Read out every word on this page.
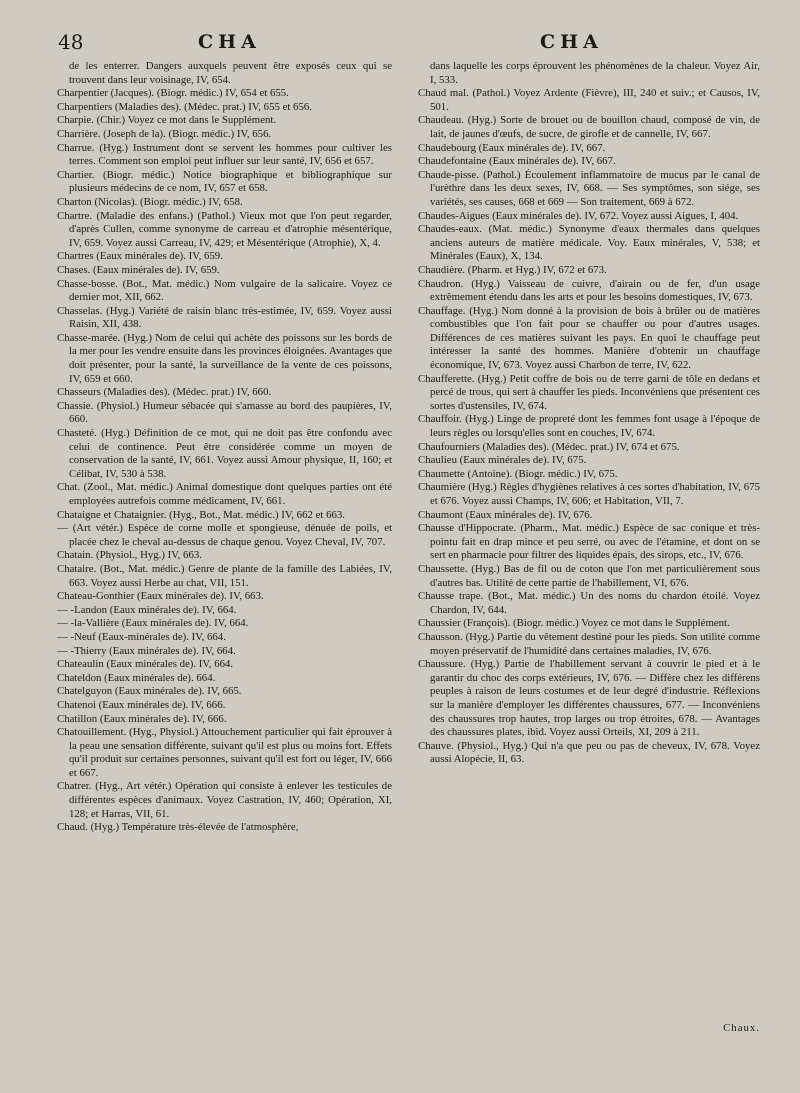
48	CHA	CHA

de les enterrer. Dangers auxquels peuvent être exposés ceux qui se trouvent dans leur voisinage, IV, 654.

Charpentier (Jacques). (Biogr. médic.) IV, 654 et 655.

Charpentiers (Maladies des). (Médec. prat.) IV, 655 et 656.

Charpie. (Chir.) Voyez ce mot dans le Supplément.

Charrière. (Joseph de la). (Biogr. médic.) IV, 656.

Charrue. (Hyg.) Instrument dont se servent les hommes pour cultiver les terres. Comment son emploi peut influer sur leur santé, IV, 656 et 657.

Chartier. (Biogr. médic.) Notice biographique et bibliographique sur plusieurs médecins de ce nom, IV, 657 et 658.

Charton (Nicolas). (Biogr. médic.) IV, 658.

Chartre. (Maladie des enfans.) (Pathol.) Vieux mot que l'on peut regarder, d'après Cullen, comme synonyme de carreau et d'atrophie mésentérique, IV, 659. Voyez aussi Carreau, IV, 429; et Mésentérique (Atrophie), X, 4.

Chartres (Eaux minérales de). IV, 659.

Chases. (Eaux minérales de). IV, 659.

Chasse-bosse. (Bot., Mat. médic.) Nom vulgaire de la salicaire. Voyez ce dernier mot, XII, 662.

Chasselas. (Hyg.) Variété de raisin blanc très-estimée, IV, 659. Voyez aussi Raisin, XII, 438.

Chasse-marée. (Hyg.) Nom de celui qui achète des poissons sur les bords de la mer pour les vendre ensuite dans les provinces éloignées. Avantages que doit présenter, pour la santé, la surveillance de la vente de ces poissons, IV, 659 et 660.

Chasseurs (Maladies des). (Médec. prat.) IV, 660.

Chassie. (Physiol.) Humeur sébacée qui s'amasse au bord des paupières, IV, 660.

Chasteté. (Hyg.) Définition de ce mot, qui ne doit pas être confondu avec celui de continence. Peut être considérée comme un moyen de conservation de la santé, IV, 661. Voyez aussi Amour physique, II, 160; et Célibat, IV, 530 à 538.

Chat. (Zool., Mat. médic.) Animal domestique dont quelques parties ont été employées autrefois comme médicament, IV, 661.

Chataigne et Chataignier. (Hyg., Bot., Mat. médic.) IV, 662 et 663.

— (Art vétér.) Espèce de corne molle et spongieuse, dénuée de poils, et placée chez le cheval au-dessus de chaque genou. Voyez Cheval, IV, 707.

Chatain. (Physiol., Hyg.) IV, 663.

Chataire. (Bot., Mat. médic.) Genre de plante de la famille des Labiées, IV, 663. Voyez aussi Herbe au chat, VII, 151.

Chateau-Gonthier (Eaux minérales de). IV, 663.

— -Landon (Eaux minérales de). IV, 664.

— -la-Vallière (Eaux minérales de). IV, 664.

— -Neuf (Eaux-minérales de). IV, 664.

— -Thierry (Eaux minérales de). IV, 664.

Chateaulin (Eaux minérales de). IV, 664.

Chateldon (Eaux minérales de). 664.

Chatelguyon (Eaux minérales de). IV, 665.

Chatenoi (Eaux minérales de). IV, 666.

Chatillon (Eaux minérales de). IV, 666.

Chatouillement. (Hyg., Physiol.) Attouchement particulier qui fait éprouver à la peau une sensation différente, suivant qu'il est plus ou moins fort. Effets qu'il produit sur certaines personnes, suivant qu'il est fort ou léger, IV, 666 et 667.

Chatrer. (Hyg., Art vétér.) Opération qui consiste à enlever les testicules de différentes espèces d'animaux. Voyez Castration, IV, 460; Opération, XI, 128; et Harras, VII, 61.

Chaud. (Hyg.) Température très-élevée de l'atmosphère,

dans laquelle les corps éprouvent les phénomènes de la chaleur. Voyez Air, I, 533.

Chaud mal. (Pathol.) Voyez Ardente (Fièvre), III, 240 et suiv.; et Causos, IV, 501.

Chaudeau. (Hyg.) Sorte de brouet ou de bouillon chaud, composé de vin, de lait, de jaunes d'œufs, de sucre, de girofle et de cannelle, IV, 667.

Chaudebourg (Eaux minérales de). IV, 667.

Chaudefontaine (Eaux minérales de). IV, 667.

Chaude-pisse. (Pathol.) Écoulement inflammatoire de mucus par le canal de l'urèthre dans les deux sexes, IV, 668. — Ses symptômes, son siége, ses variétés, ses causes, 668 et 669 — Son traitement, 669 à 672.

Chaudes-Aigues (Eaux minérales de). IV, 672. Voyez aussi Aigues, I, 404.

Chaudes-eaux. (Mat. médic.) Synonyme d'eaux thermales dans quelques anciens auteurs de matière médicale. Voy. Eaux minérales, V, 538; et Minérales (Eaux), X, 134.

Chaudière. (Pharm. et Hyg.) IV, 672 et 673.

Chaudron. (Hyg.) Vaisseau de cuivre, d'airain ou de fer, d'un usage extrêmement étendu dans les arts et pour les besoins domestiques, IV, 673.

Chauffage. (Hyg.) Nom donné à la provision de bois à brûler ou de matières combustibles que l'on fait pour se chauffer ou pour d'autres usages. Différences de ces matières suivant les pays. En quoi le chauffage peut intéresser la santé des hommes. Manière d'obtenir un chauffage économique, IV, 673. Voyez aussi Charbon de terre, IV, 622.

Chaufferette. (Hyg.) Petit coffre de bois ou de terre garni de tôle en dedans et percé de trous, qui sert à chauffer les pieds. Inconvéniens que présentent ces sortes d'ustensiles, IV, 674.

Chauffoir. (Hyg.) Linge de propreté dont les femmes font usage à l'époque de leurs règles ou lorsqu'elles sont en couches, IV, 674.

Chaufourniers (Maladies des). (Médec. prat.) IV, 674 et 675.

Chaulieu (Eaux minérales de). IV, 675.

Chaumette (Antoine). (Biogr. médic.) IV, 675.

Chaumière (Hyg.) Règles d'hygiènes relatives à ces sortes d'habitation, IV, 675 et 676. Voyez aussi Champs, IV, 606; et Habitation, VII, 7.

Chaumont (Eaux minérales de). IV, 676.

Chausse d'Hippocrate. (Pharm., Mat. médic.) Espèce de sac conique et très-pointu fait en drap mince et peu serré, ou avec de l'étamine, et dont on se sert en pharmacie pour filtrer des liquides épais, des sirops, etc., IV, 676.

Chaussette. (Hyg.) Bas de fil ou de coton que l'on met particulièrement sous d'autres bas. Utilité de cette partie de l'habillement, VI, 676.

Chausse trape. (Bot., Mat. médic.) Un des noms du chardon étoilé. Voyez Chardon, IV, 644.

Chaussier (François). (Biogr. médic.) Voyez ce mot dans le Supplément.

Chausson. (Hyg.) Partie du vêtement destiné pour les pieds. Son utilité comme moyen préservatif de l'humidité dans certaines maladies, IV, 676.

Chaussure. (Hyg.) Partie de l'habillement servant à couvrir le pied et à le garantir du choc des corps extérieurs, IV, 676. — Diffère chez les différens peuples à raison de leurs costumes et de leur degré d'industrie. Réflexions sur la manière d'employer les différentes chaussures, 677. — Inconvéniens des chaussures trop hautes, trop larges ou trop étroites, 678. — Avantages des chaussures plates, ibid. Voyez aussi Orteils, XI, 209 à 211.

Chauve. (Physiol., Hyg.) Qui n'a que peu ou pas de cheveux, IV, 678. Voyez aussi Alopécie, II, 63.

Chaux.
